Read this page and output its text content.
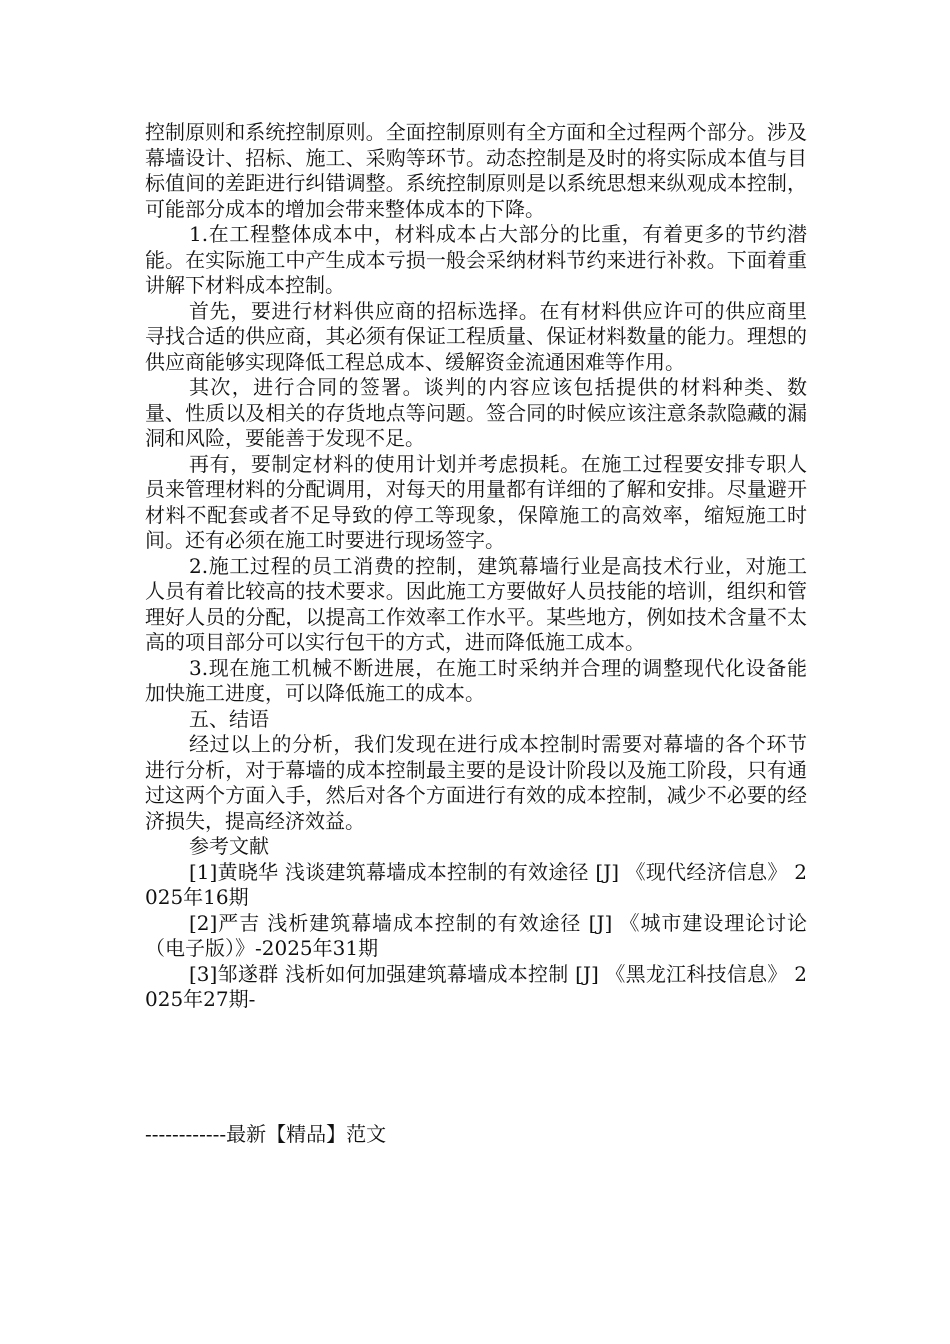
控制原则和系统控制原则。全面控制原则有全方面和全过程两个部分。涉及幕墙设计、招标、施工、采购等环节。动态控制是及时的将实际成本值与目标值间的差距进行纠错调整。系统控制原则是以系统思想来纵观成本控制，可能部分成本的增加会带来整体成本的下降。

1.在工程整体成本中，材料成本占大部分的比重，有着更多的节约潜能。在实际施工中产生成本亏损一般会采纳材料节约来进行补救。下面着重讲解下材料成本控制。

首先，要进行材料供应商的招标选择。在有材料供应许可的供应商里寻找合适的供应商，其必须有保证工程质量、保证材料数量的能力。理想的供应商能够实现降低工程总成本、缓解资金流通困难等作用。

其次，进行合同的签署。谈判的内容应该包括提供的材料种类、数量、性质以及相关的存货地点等问题。签合同的时候应该注意条款隐藏的漏洞和风险，要能善于发现不足。

再有，要制定材料的使用计划并考虑损耗。在施工过程要安排专职人员来管理材料的分配调用，对每天的用量都有详细的了解和安排。尽量避开材料不配套或者不足导致的停工等现象，保障施工的高效率，缩短施工时间。还有必须在施工时要进行现场签字。

2.施工过程的员工消费的控制，建筑幕墙行业是高技术行业，对施工人员有着比较高的技术要求。因此施工方要做好人员技能的培训，组织和管理好人员的分配，以提高工作效率工作水平。某些地方，例如技术含量不太高的项目部分可以实行包干的方式，进而降低施工成本。

3.现在施工机械不断进展，在施工时采纳并合理的调整现代化设备能加快施工进度，可以降低施工的成本。

五、结语

经过以上的分析，我们发现在进行成本控制时需要对幕墙的各个环节进行分析，对于幕墙的成本控制最主要的是设计阶段以及施工阶段，只有通过这两个方面入手，然后对各个方面进行有效的成本控制，减少不必要的经济损失，提高经济效益。

参考文献

[1]黄晓华 浅谈建筑幕墙成本控制的有效途径 [J] 《现代经济信息》 2025年16期

[2]严吉 浅析建筑幕墙成本控制的有效途径 [J] 《城市建设理论讨论（电子版）》-2025年31期

[3]邹遂群 浅析如何加强建筑幕墙成本控制 [J] 《黑龙江科技信息》 2025年27期-

------------最新【精品】范文
